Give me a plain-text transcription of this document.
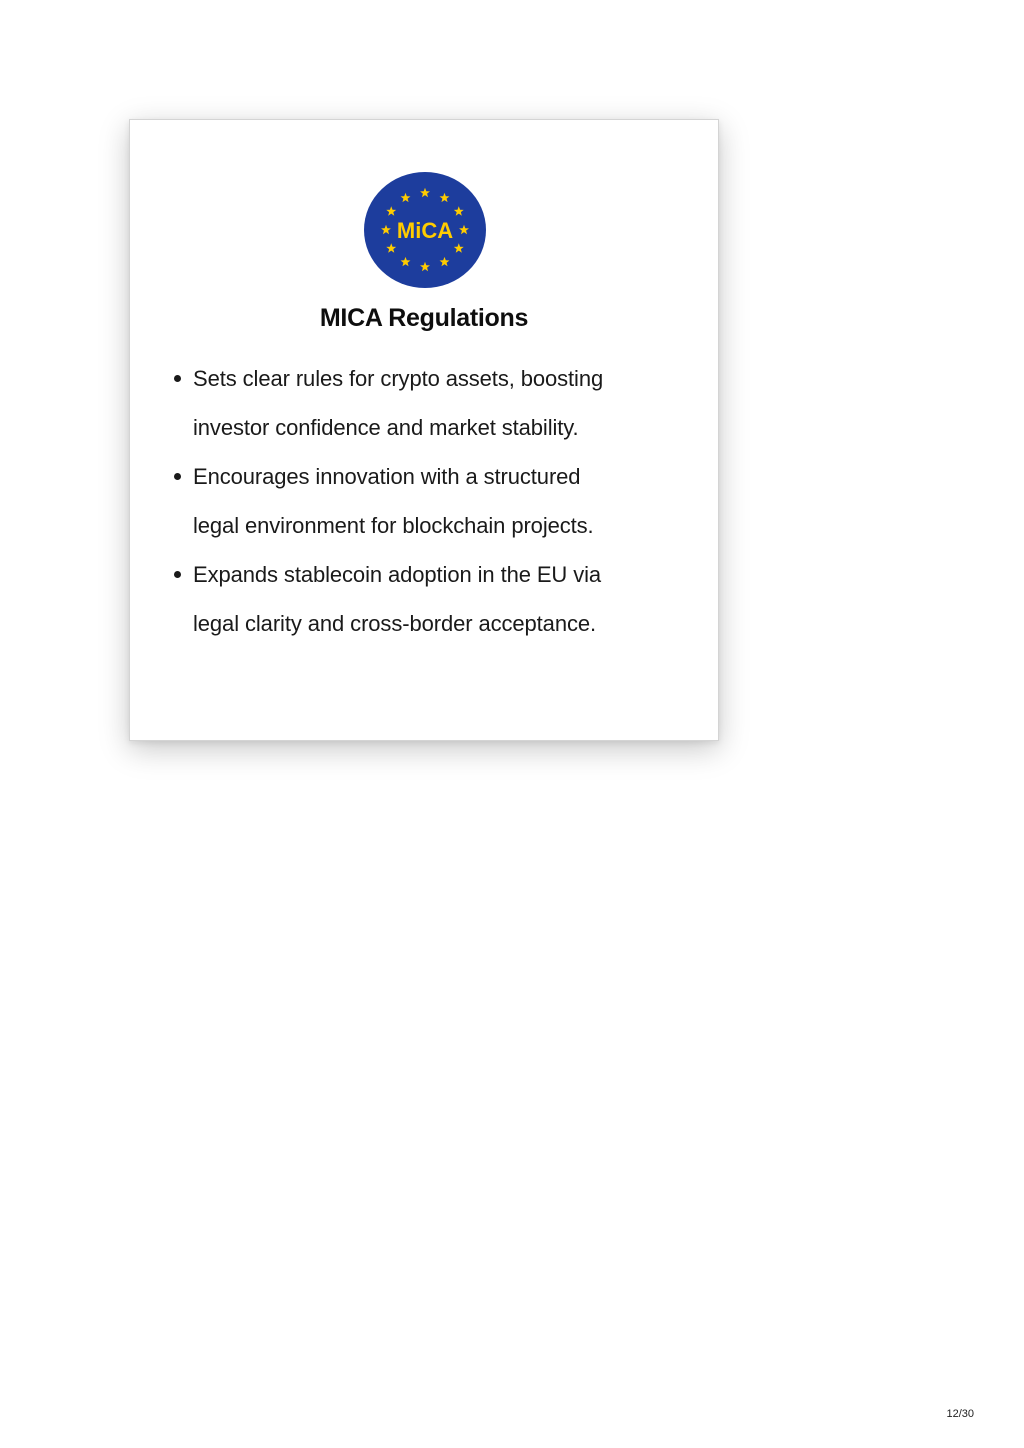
MiCA
MICA Regulations
Sets clear rules for crypto assets, boosting
investor confidence and market stability.
Encourages innovation with a structured
legal environment for blockchain projects.
Expands stablecoin adoption in the EU via
legal clarity and cross-border acceptance.
12/30
